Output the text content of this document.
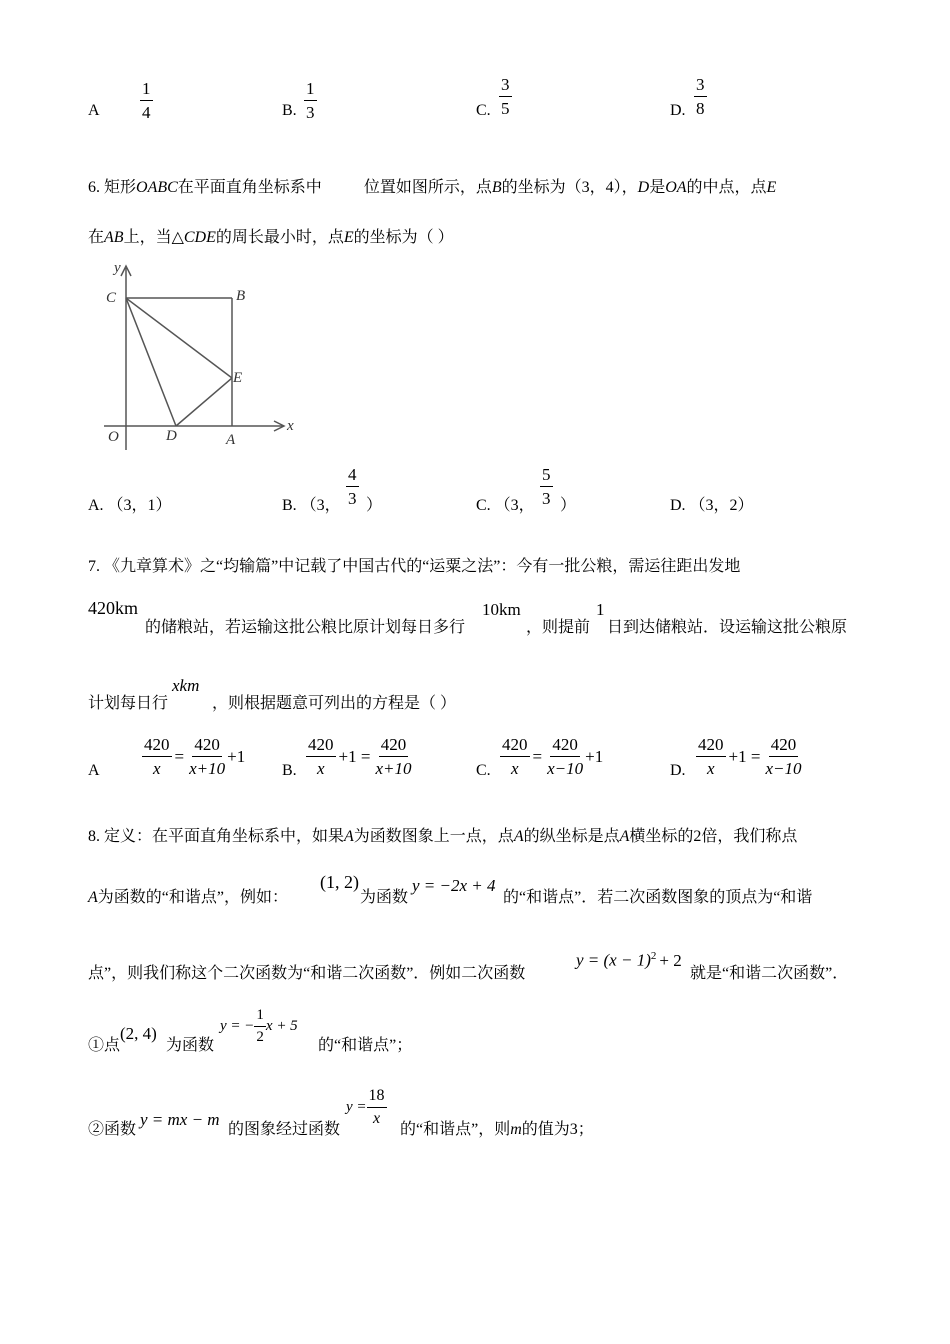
A $\frac{1}{4}$	B. $\frac{1}{3}$	C. $\frac{3}{5}$	D. $\frac{3}{8}$
6. 矩形OABC在平面直角坐标系中	位置如图所示，点B的坐标为（3，4），D是OA的中点，点E
在AB上，当△CDE的周长最小时，点E的坐标为（ ）
y
x
C	B
E
O	D	A
A. （3，1）	B. （3， $\frac{4}{3}$ ）	C. （3， $\frac{5}{3}$ ）	D. （3，2）
7. 《九章算术》之“均输篇”中记载了中国古代的“运粟之法”：今有一批公粮，需运往距出发地
420km
的储粮站，若运输这批公粮比原计划每日多行
10km
，则提前
1
日到达储粮站．设运输这批公粮原
计划每日行
xkm
，则根据题意可列出的方程是（ ）
A $\frac{420}{x} = \frac{420}{x+10} +1$
B. $\frac{420}{x} +1 = \frac{420}{x+10}$	C. $\frac{420}{x} = \frac{420}{x-10} +1$
D. $\frac{420}{x} +1 = \frac{420}{x-10}$
8. 定义：在平面直角坐标系中，如果A为函数图象上一点，点A的纵坐标是点A横坐标的2倍，我们称点
A为函数的“和谐点”，例如：
(1, 2)
为函数
y = −2x + 4
的“和谐点”．若二次函数图象的顶点为“和谐
点”，则我们称这个二次函数为“和谐二次函数”．例如二次函数
$y = (x - 1)^2 + 2$
就是“和谐二次函数”．
①点
(2, 4)
为函数
y = − $\frac{1}{2}$ x + 5
的“和谐点”；
②函数
y = mx − m
的图象经过函数
$y = \frac{18}{x}$
的“和谐点”，则m的值为3；
